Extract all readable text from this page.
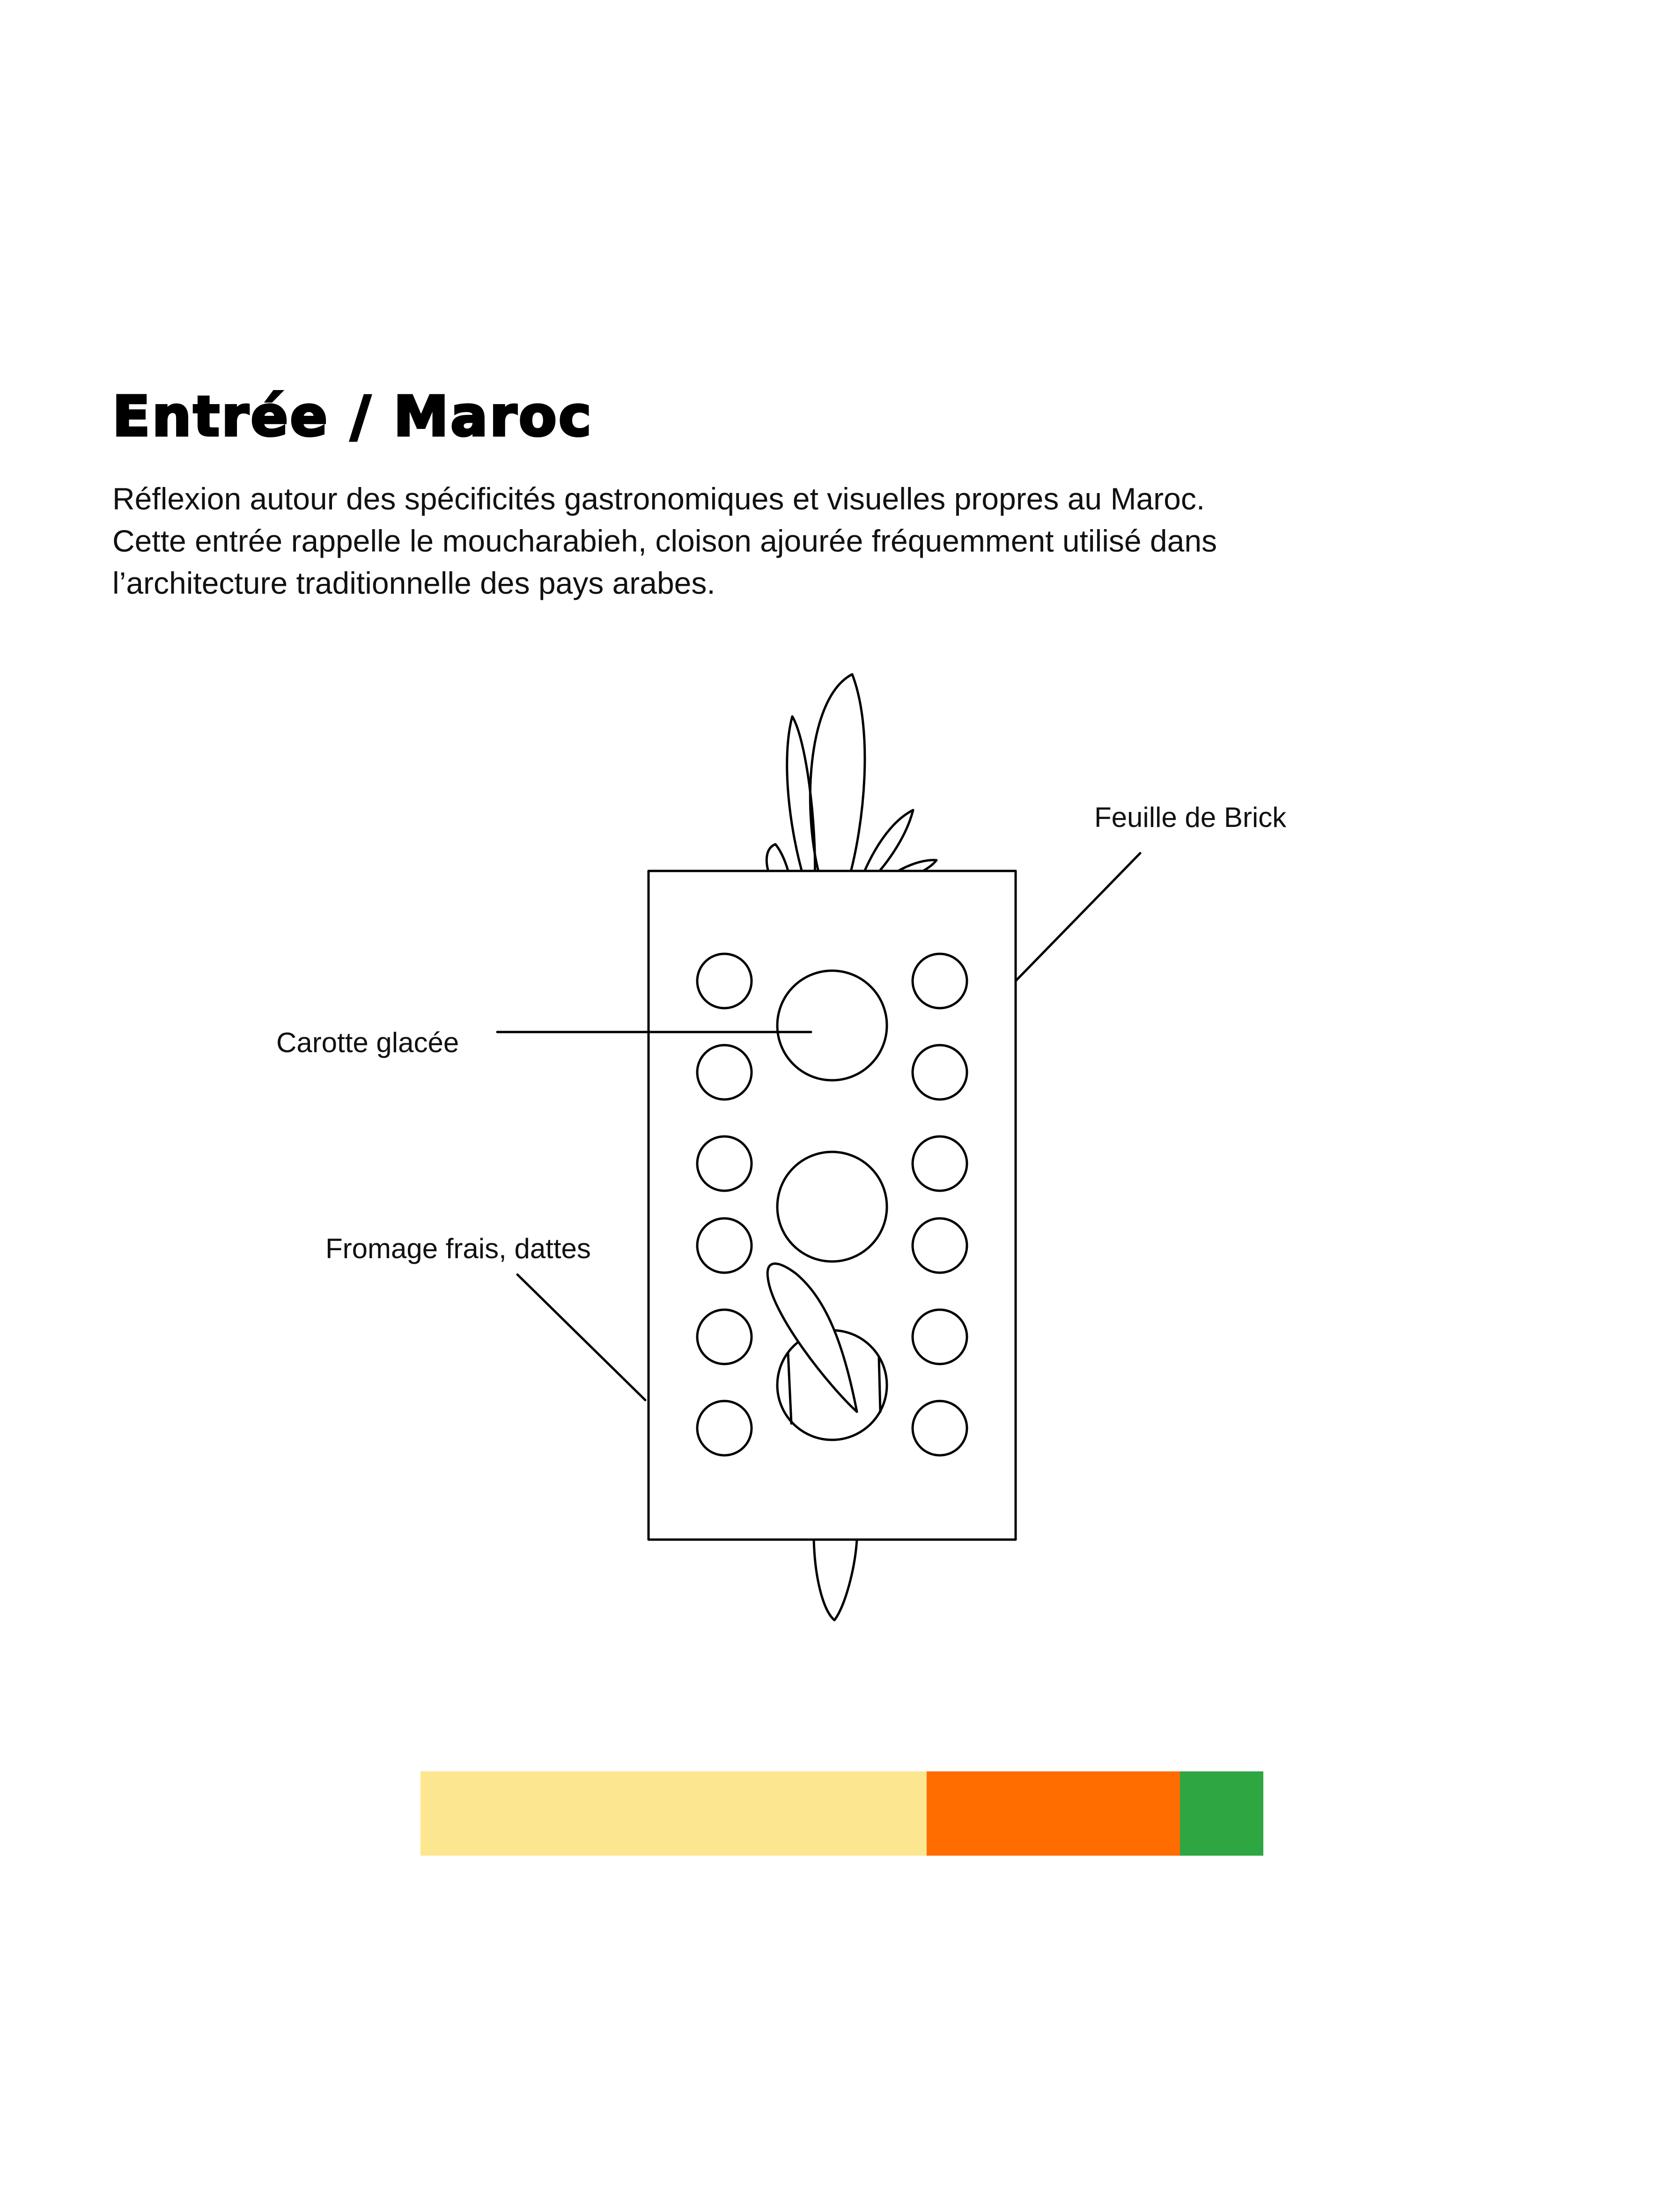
Entrée / Maroc
Réflexion autour des spécificités gastronomiques et visuelles propres au Maroc.
Cette entrée rappelle le moucharabieh, cloison ajourée fréquemment utilisé dans
l’architecture traditionnelle des pays arabes.
Feuille de Brick
Carotte glacée
Fromage frais, dattes
